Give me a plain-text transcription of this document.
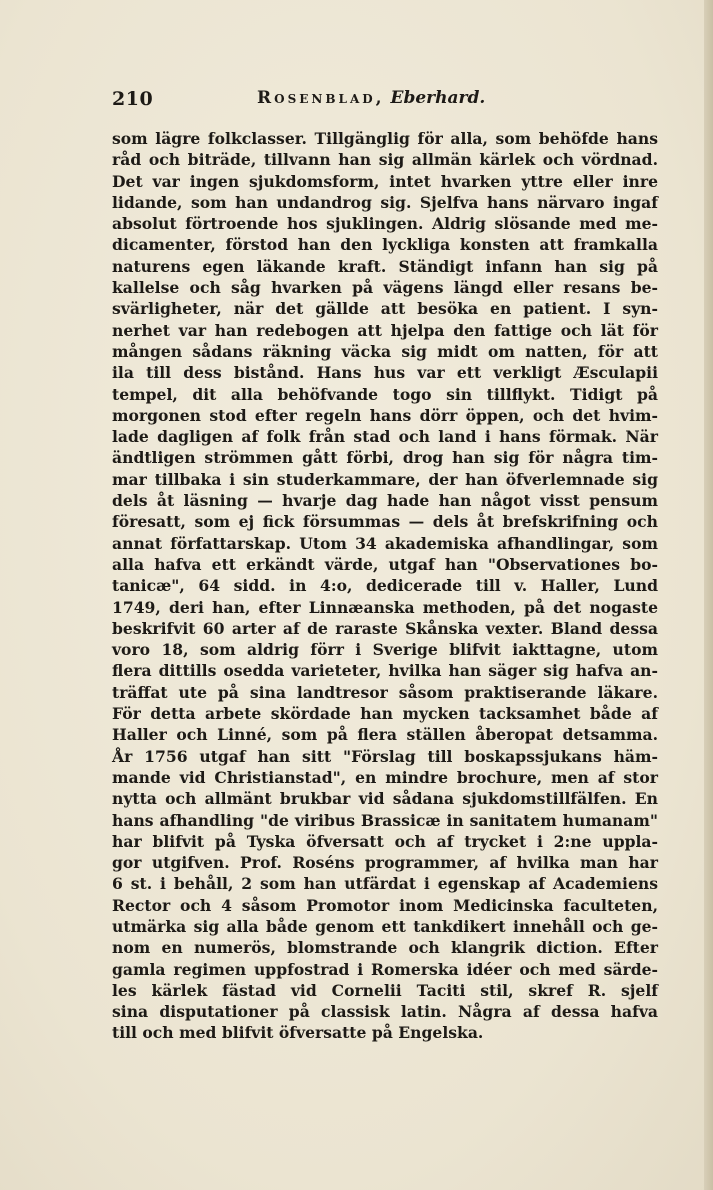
210	Rosenblad, Eberhard.
som lägre folkclasser. Tillgänglig för alla, som behöfde hans
råd och biträde, tillvann han sig allmän kärlek och vördnad.
Det var ingen sjukdomsform, intet hvarken yttre eller inre
lidande, som han undandrog sig. Sjelfva hans närvaro ingaf
absolut förtroende hos sjuklingen. Aldrig slösande med me-
dicamenter, förstod han den lyckliga konsten att framkalla
naturens egen läkande kraft. Ständigt infann han sig på
kallelse och såg hvarken på vägens längd eller resans be-
svärligheter, när det gällde att besöka en patient. I syn-
nerhet var han redebogen att hjelpa den fattige och lät för
mången sådans räkning väcka sig midt om natten, för att
ila till dess bistånd. Hans hus var ett verkligt Æsculapii
tempel, dit alla behöfvande togo sin tillflykt. Tidigt på
morgonen stod efter regeln hans dörr öppen, och det hvim-
lade dagligen af folk från stad och land i hans förmak. När
ändtligen strömmen gått förbi, drog han sig för några tim-
mar tillbaka i sin studerkammare, der han öfverlemnade sig
dels åt läsning — hvarje dag hade han något visst pensum
föresatt, som ej fick försummas — dels åt brefskrifning och
annat författarskap. Utom 34 akademiska afhandlingar, som
alla hafva ett erkändt värde, utgaf han "Observationes bo-
tanicæ", 64 sidd. in 4:o, dedicerade till v. Haller, Lund
1749, deri han, efter Linnæanska methoden, på det nogaste
beskrifvit 60 arter af de raraste Skånska vexter. Bland dessa
voro 18, som aldrig förr i Sverige blifvit iakttagne, utom
flera dittills osedda varieteter, hvilka han säger sig hafva an-
träffat ute på sina landtresor såsom praktiserande läkare.
För detta arbete skördade han mycken tacksamhet både af
Haller och Linné, som på flera ställen åberopat detsamma.
År 1756 utgaf han sitt "Förslag till boskapssjukans häm-
mande vid Christianstad", en mindre brochure, men af stor
nytta och allmänt brukbar vid sådana sjukdomstillfälfen. En
hans afhandling "de viribus Brassicæ in sanitatem humanam"
har blifvit på Tyska öfversatt och af trycket i 2:ne uppla-
gor utgifven. Prof. Roséns programmer, af hvilka man har
6 st. i behåll, 2 som han utfärdat i egenskap af Academiens
Rector och 4 såsom Promotor inom Medicinska faculteten,
utmärka sig alla både genom ett tankdikert innehåll och ge-
nom en numerös, blomstrande och klangrik diction. Efter
gamla regimen uppfostrad i Romerska idéer och med särde-
les kärlek fästad vid Cornelii Taciti stil, skref R. sjelf
sina disputationer på classisk latin. Några af dessa hafva
till och med blifvit öfversatte på Engelska.
